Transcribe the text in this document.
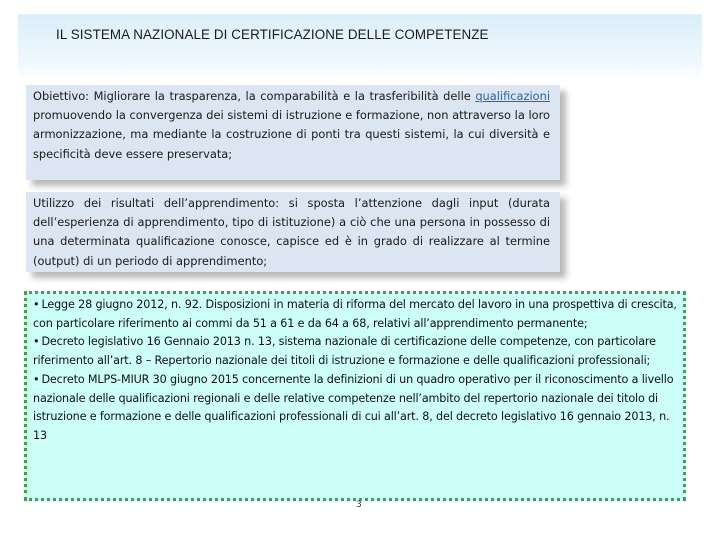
IL SISTEMA NAZIONALE DI CERTIFICAZIONE DELLE COMPETENZE
Obiettivo: Migliorare la trasparenza, la comparabilità e la trasferibilità delle qualificazioni promuovendo la convergenza dei sistemi di istruzione e formazione, non attraverso la loro armonizzazione, ma mediante la costruzione di ponti tra questi sistemi, la cui diversità e specificità deve essere preservata;
Utilizzo dei risultati dell’apprendimento: si sposta l’attenzione dagli input (durata dell’esperienza di apprendimento, tipo di istituzione) a ciò che una persona in possesso di una determinata qualificazione conosce, capisce ed è in grado di realizzare al termine (output) di un periodo di apprendimento;

• Legge 28 giugno 2012, n. 92. Disposizioni in materia di riforma del mercato del lavoro in una prospettiva di crescita, con particolare riferimento ai commi da 51 a 61 e da 64 a 68, relativi all’apprendimento permanente;

• Decreto legislativo 16 Gennaio 2013 n. 13, sistema nazionale di certificazione delle competenze, con particolare riferimento all’art. 8 – Repertorio nazionale dei titoli di istruzione e formazione e delle qualificazioni professionali;

• Decreto MLPS-MIUR 30 giugno 2015 concernente la definizioni di un quadro operativo per il riconoscimento a livello nazionale delle qualificazioni regionali e delle relative competenze nell’ambito del repertorio nazionale dei titolo di istruzione e formazione e delle qualificazioni professionali di cui all’art. 8, del decreto legislativo 16 gennaio 2013, n. 13

3
